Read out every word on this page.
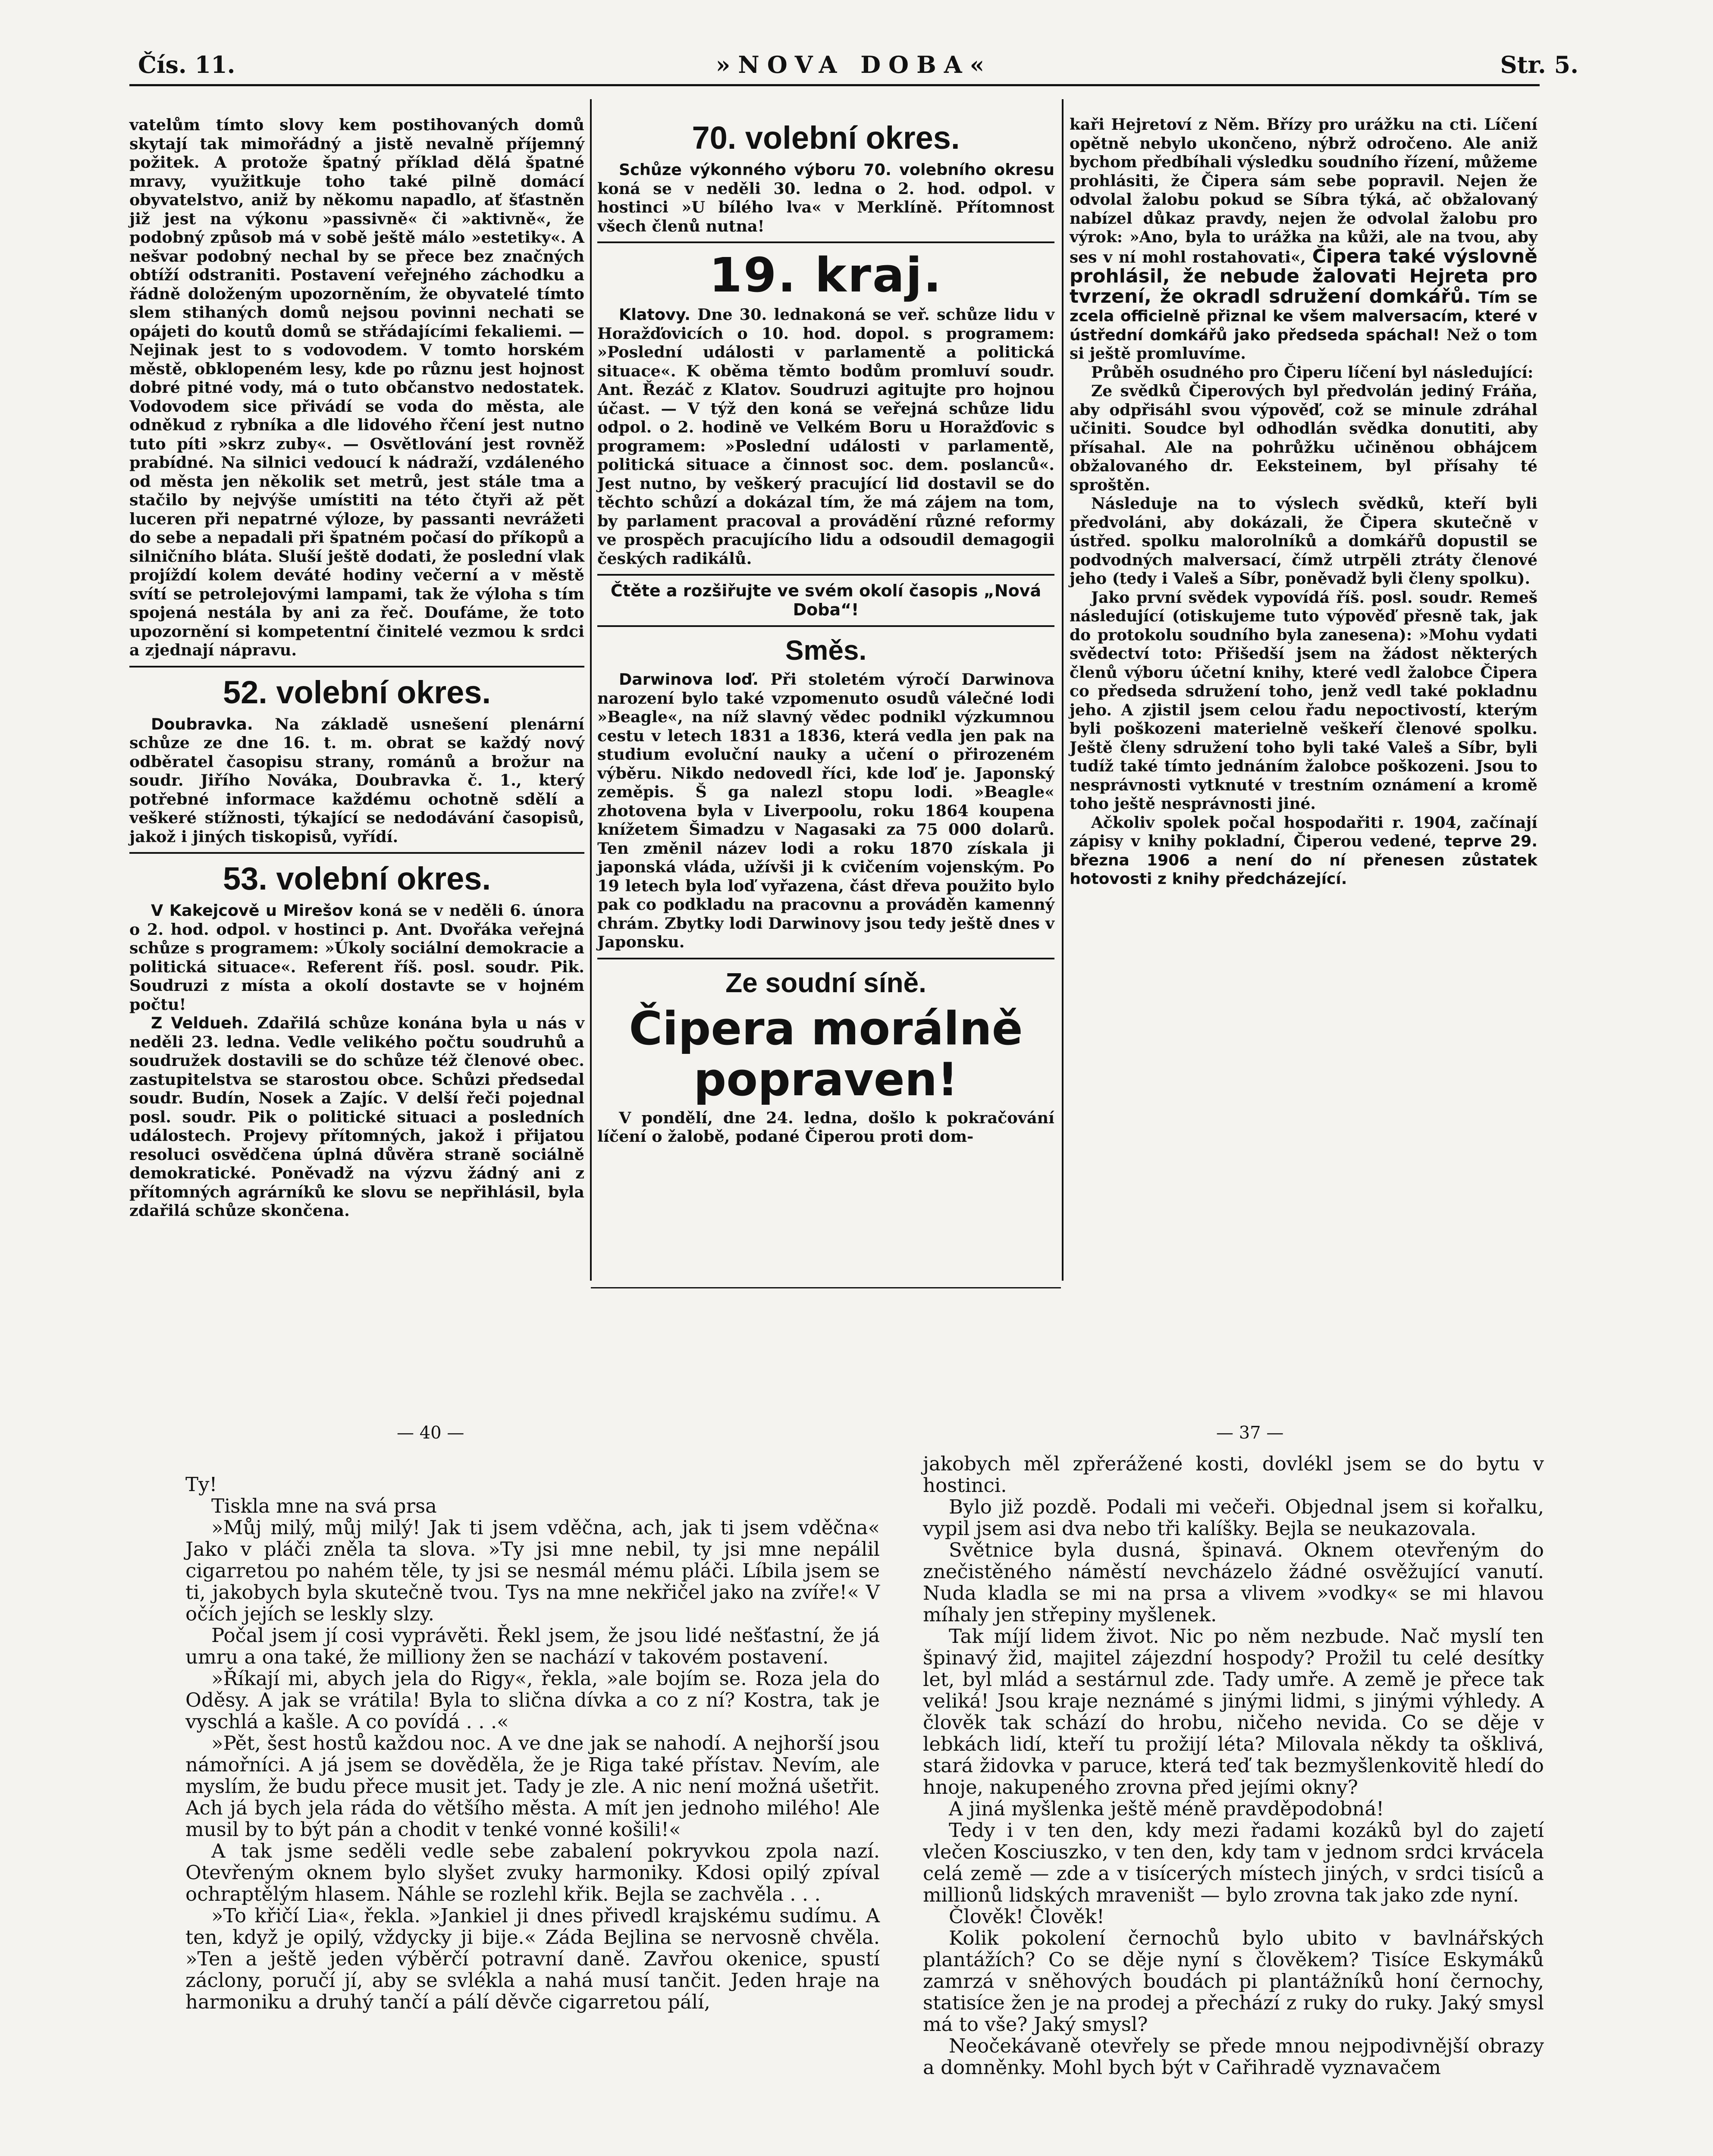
Čís. 11.	»NOVA DOBA«	Str. 5.

vatelům tímto slovy kem postihovaných domů skytají tak mimořádný a jistě nevalně příjemný požitek. A protože špatný příklad dělá špatné mravy, využitkuje toho také pilně domácí obyvatelstvo, aniž by někomu napadlo, ať šťastněn již jest na výkonu »passivně« či »aktivně«, že podobný způsob má v sobě ještě málo »estetiky«. A nešvar podobný nechal by se přece bez značných obtíží odstraniti. Postavení veřejného záchodku a řádně doloženým upozorněním, že obyvatelé tímto slem stihaných domů nejsou povinni nechati se opájeti do koutů domů se střádajícími fekaliemi. — Nejinak jest to s vodovodem. V tomto horském městě, obklopeném lesy, kde po různu jest hojnost dobré pitné vody, má o tuto občanstvo nedostatek. Vodovodem sice přivádí se voda do města, ale odněkud z rybníka a dle lidového řčení jest nutno tuto píti »skrz zuby«. — Osvětlování jest rovněž prabídné. Na silnici vedoucí k nádraží, vzdáleného od města jen několik set metrů, jest stále tma a stačilo by nejvýše umístiti na této čtyři až pět luceren při nepatrné výloze, by passanti nevrážeti do sebe a nepadali při špatném počasí do příkopů a silničního bláta. Sluší ještě dodati, že poslední vlak projíždí kolem deváté hodiny večerní a v městě svítí se petrolejovými lampami, tak že výloha s tím spojená nestála by ani za řeč. Doufáme, že toto upozornění si kompetentní činitelé vezmou k srdci a zjednají nápravu.

52. volební okres.

Doubravka. Na základě usnešení plenární schůze ze dne 16. t. m. obrat se každý nový odběratel časopisu strany, románů a brožur na soudr. Jiřího Nováka, Doubravka č. 1., který potřebné informace každému ochotně sdělí a veškeré stížnosti, týkající se nedodávání časopisů, jakož i jiných tiskopisů, vyřídí.

53. volební okres.

V Kakejcově u Mirešov koná se v neděli 6. února o 2. hod. odpol. v hostinci p. Ant. Dvořáka veřejná schůze s programem: »Úkoly sociální demokracie a politická situace«. Referent říš. posl. soudr. Pik. Soudruzi z místa a okolí dostavte se v hojném počtu!

Z Veldueh. Zdařilá schůze konána byla u nás v neděli 23. ledna. Vedle velikého počtu soudruhů a soudružek dostavili se do schůze též členové obec. zastupitelstva se starostou obce. Schůzi předsedal soudr. Budín, Nosek a Zajíc. V delší řeči pojednal posl. soudr. Pik o politické situaci a posledních událostech. Projevy přítomných, jakož i přijatou resoluci osvědčena úplná důvěra straně sociálně demokratické. Poněvadž na výzvu žádný ani z přítomných agrárníků ke slovu se nepřihlásil, byla zdařilá schůze skončena.

70. volební okres.

Schůze výkonného výboru 70. volebního okresu koná se v neděli 30. ledna o 2. hod. odpol. v hostinci »U bílého lva« v Merklíně. Přítomnost všech členů nutna!

19. kraj.

Klatovy. Dne 30. lednakoná se veř. schůze lidu v Horažďovicích o 10. hod. dopol. s programem: »Poslední události v parlamentě a politická situace«. K oběma těmto bodům promluví soudr. Ant. Řezáč z Klatov. Soudruzi agitujte pro hojnou účast. — V týž den koná se veřejná schůze lidu odpol. o 2. hodině ve Velkém Boru u Horažďovic s programem: »Poslední události v parlamentě, politická situace a činnost soc. dem. poslanců«. Jest nutno, by veškerý pracující lid dostavil se do těchto schůzí a dokázal tím, že má zájem na tom, by parlament pracoval a provádění různé reformy ve prospěch pracujícího lidu a odsoudil demagogii českých radikálů.

Čtěte a rozšiřujte ve svém okolí časopis „Nová Doba“!

Směs.

Darwinova loď. Při stoletém výročí Darwinova narození bylo také vzpomenuto osudů válečné lodi »Beagle«, na níž slavný vědec podnikl výzkumnou cestu v letech 1831 a 1836, která vedla jen pak na studium evoluční nauky a učení o přirozeném výběru. Nikdo nedovedl říci, kde loď je. Japonský zeměpis. Š ga nalezl stopu lodi. »Beagle« zhotovena byla v Liverpoolu, roku 1864 koupena knížetem Šimadzu v Nagasaki za 75 000 dolarů. Ten změnil název lodi a roku 1870 získala ji japonská vláda, užívši ji k cvičením vojenským. Po 19 letech byla loď vyřazena, část dřeva použito bylo pak co podkladu na pracovnu a prováděn kamenný chrám. Zbytky lodi Darwinovy jsou tedy ještě dnes v Japonsku.

Ze soudní síně.
Čipera morálně popraven!

V pondělí, dne 24. ledna, došlo k pokračování líčení o žalobě, podané Čiperou proti dom-

kaři Hejretoví z Něm. Břízy pro urážku na cti. Líčení opětně nebylo ukončeno, nýbrž odročeno. Ale aniž bychom předbíhali výsledku soudního řízení, můžeme prohlásiti, že Čipera sám sebe popravil. Nejen že odvolal žalobu pokud se Síbra týká, ač obžalovaný nabízel důkaz pravdy, nejen že odvolal žalobu pro výrok: »Ano, byla to urážka na kůži, ale na tvou, aby ses v ní mohl rostahovati«, Čipera také výslovně prohlásil, že nebude žalovati Hejreta pro tvrzení, že okradl sdružení domkářů. Tím se zcela officielně přiznal ke všem malversacím, které v ústřední domkářů jako předseda spáchal! Než o tom si ještě promluvíme.

Průběh osudného pro Čiperu líčení byl následující:

Ze svědků Čiperových byl předvolán jediný Fráňa, aby odpřisáhl svou výpověď, což se minule zdráhal učiniti. Soudce byl odhodlán svědka donutiti, aby přísahal. Ale na pohrůžku učiněnou obhájcem obžalovaného dr. Eeksteinem, byl přísahy té sproštěn.

Následuje na to výslech svědků, kteří byli předvoláni, aby dokázali, že Čipera skutečně v ústřed. spolku malorolníků a domkářů dopustil se podvodných malversací, čímž utrpěli ztráty členové jeho (tedy i Valeš a Síbr, poněvadž byli členy spolku).

Jako první svědek vypovídá říš. posl. soudr. Remeš následující (otiskujeme tuto výpověď přesně tak, jak do protokolu soudního byla zanesena): »Mohu vydati svědectví toto: Přišedší jsem na žádost některých členů výboru účetní knihy, které vedl žalobce Čipera co předseda sdružení toho, jenž vedl také pokladnu jeho. A zjistil jsem celou řadu nepoctivostí, kterým byli poškozeni materielně veškeří členové spolku. Ještě členy sdružení toho byli také Valeš a Síbr, byli tudíž také tímto jednáním žalobce poškozeni. Jsou to nesprávnosti vytknuté v trestním oznámení a kromě toho ještě nesprávnosti jiné.

Ačkoliv spolek počal hospodařiti r. 1904, začínají zápisy v knihy pokladní, Čiperou vedené, teprve 29. března 1906 a není do ní přenesen zůstatek hotovosti z knihy předcházející.

— 40 —	— 37 —

Ty!

Tiskla mne na svá prsa

»Můj milý, můj milý! Jak ti jsem vděčna, ach, jak ti jsem vděčna« Jako v pláči zněla ta slova. »Ty jsi mne nebil, ty jsi mne nepálil cigarretou po nahém těle, ty jsi se nesmál mému pláči. Líbila jsem se ti, jakobych byla skutečně tvou. Tys na mne nekřičel jako na zvíře!« V očích jejích se leskly slzy.

Počal jsem jí cosi vyprávěti. Řekl jsem, že jsou lidé nešťastní, že já umru a ona také, že milliony žen se nachází v takovém postavení.

»Říkají mi, abych jela do Rigy«, řekla, »ale bojím se. Roza jela do Oděsy. A jak se vrátila! Byla to slična dívka a co z ní? Kostra, tak je vyschlá a kašle. A co povídá . . .«

»Pět, šest hostů každou noc. A ve dne jak se nahodí. A nejhorší jsou námořníci. A já jsem se dověděla, že je Riga také přístav. Nevím, ale myslím, že budu přece musit jet. Tady je zle. A nic není možná ušetřit. Ach já bych jela ráda do většího města. A mít jen jednoho milého! Ale musil by to být pán a chodit v tenké vonné košili!«

A tak jsme seděli vedle sebe zabalení pokryvkou zpola nazí. Otevřeným oknem bylo slyšet zvuky harmoniky. Kdosi opilý zpíval ochraptělým hlasem. Náhle se rozlehl křik. Bejla se zachvěla . . .

»To křičí Lia«, řekla. »Jankiel ji dnes přivedl krajskému sudímu. A ten, když je opilý, vždycky ji bije.« Záda Bejlina se nervosně chvěla. »Ten a ještě jeden výběrčí potravní daně. Zavřou okenice, spustí záclony, poručí jí, aby se svlékla a nahá musí tančit. Jeden hraje na harmoniku a druhý tančí a pálí děvče cigarretou pálí,

jakobych měl zpřerážené kosti, dovlékl jsem se do bytu v hostinci.

Bylo již pozdě. Podali mi večeři. Objednal jsem si kořalku, vypil jsem asi dva nebo tři kalíšky. Bejla se neukazovala.

Světnice byla dusná, špinavá. Oknem otevřeným do znečistěného náměstí nevcházelo žádné osvěžující vanutí. Nuda kladla se mi na prsa a vlivem »vodky« se mi hlavou míhaly jen střepiny myšlenek.

Tak míjí lidem život. Nic po něm nezbude. Nač myslí ten špinavý žid, majitel zájezdní hospody? Prožil tu celé desítky let, byl mlád a sestárnul zde. Tady umře. A země je přece tak veliká! Jsou kraje neznámé s jinými lidmi, s jinými výhledy. A člověk tak schází do hrobu, ničeho nevida. Co se děje v lebkách lidí, kteří tu prožijí léta? Milovala někdy ta ošklivá, stará židovka v paruce, která teď tak bezmyšlenkovitě hledí do hnoje, nakupeného zrovna před jejími okny?

A jiná myšlenka ještě méně pravděpodobná!

Tedy i v ten den, kdy mezi řadami kozáků byl do zajetí vlečen Kosciuszko, v ten den, kdy tam v jednom srdci krvácela celá země — zde a v tisícerých místech jiných, v srdci tisíců a millionů lidských mraveništ — bylo zrovna tak jako zde nyní.

Člověk! Člověk!

Kolik pokolení černochů bylo ubito v bavlnářských plantážích? Co se děje nyní s člověkem? Tisíce Eskymáků zamrzá v sněhových boudách pi plantážníků honí černochy, statisíce žen je na prodej a přechází z ruky do ruky. Jaký smysl má to vše? Jaký smysl?

Neočekávaně otevřely se přede mnou nejpodivnější obrazy a domněnky. Mohl bych být v Cařihradě vyznavačem
